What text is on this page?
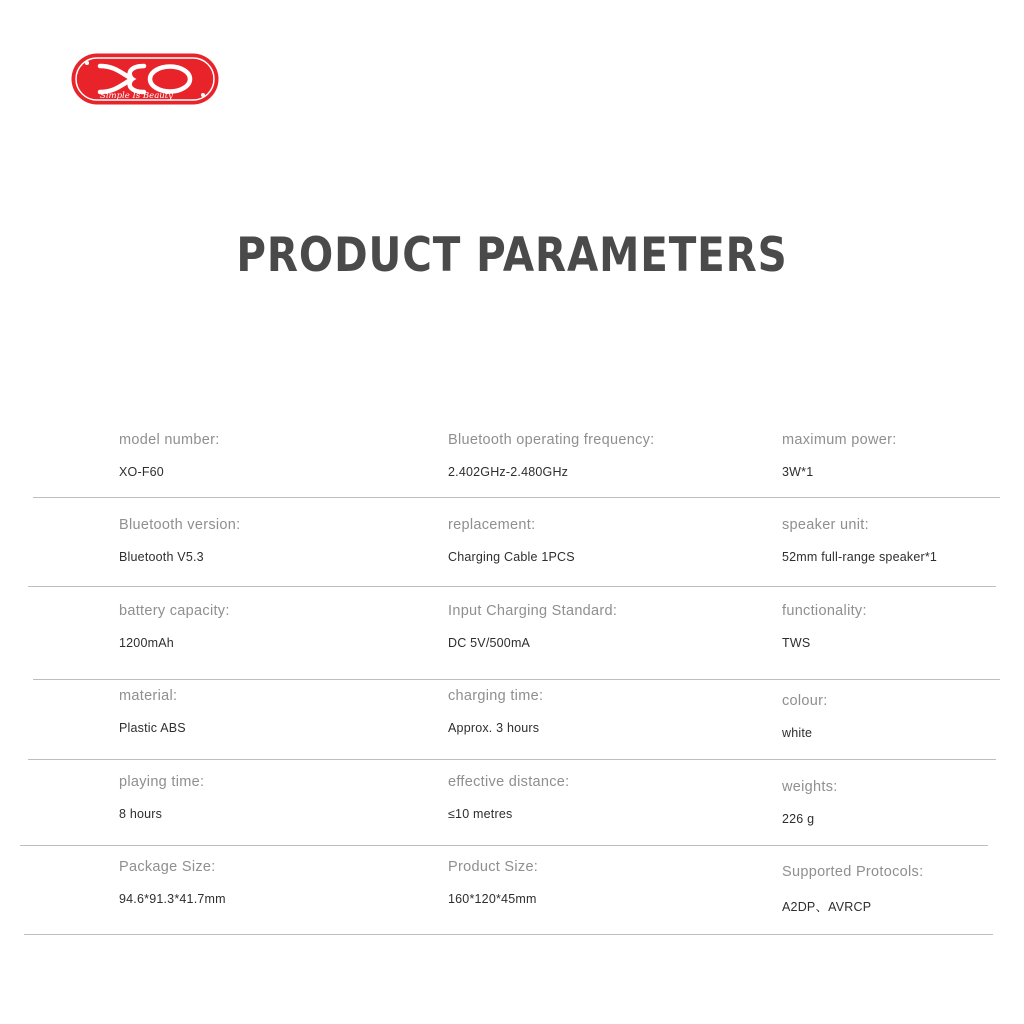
Simple Is Beauty
PRODUCT PARAMETERS
model number:
XO-F60
Bluetooth operating frequency:
2.402GHz-2.480GHz
maximum power:
3W*1
Bluetooth version:
Bluetooth V5.3
replacement:
Charging Cable 1PCS
speaker unit:
52mm full-range speaker*1
battery capacity:
1200mAh
Input Charging Standard:
DC 5V/500mA
functionality:
TWS
material:
Plastic ABS
charging time:
Approx. 3 hours
colour:
white
playing time:
8 hours
effective distance:
≤10 metres
weights:
226 g
Package Size:
94.6*91.3*41.7mm
Product Size:
160*120*45mm
Supported Protocols:
A2DP、AVRCP
